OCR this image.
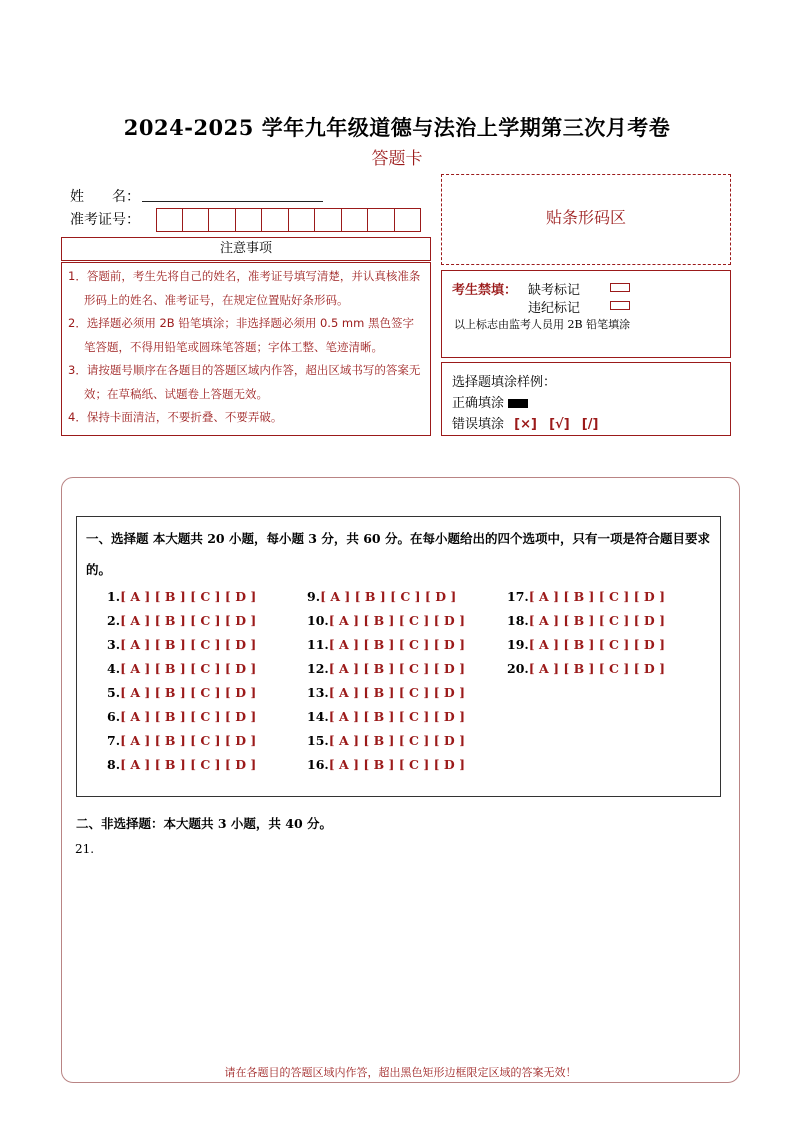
2024-2025 学年九年级道德与法治上学期第三次月考卷
答题卡
姓　　名：
准考证号：
注意事项

1．答题前，考生先将自己的姓名，准考证号填写清楚，并认真核准条形码上的姓名、准考证号，在规定位置贴好条形码。

2．选择题必须用 2B 铅笔填涂；非选择题必须用 0.5 mm 黑色签字笔答题，不得用铅笔或圆珠笔答题；字体工整、笔迹清晰。

3．请按题号顺序在各题目的答题区域内作答，超出区域书写的答案无效；在草稿纸、试题卷上答题无效。

4．保持卡面清洁，不要折叠、不要弄破。

贴条形码区
考生禁填： 缺考标记
违纪标记
以上标志由监考人员用 2B 铅笔填涂
选择题填涂样例：
正确填涂
错误填涂 [×] [√] [/]
一、选择题 本大题共 20 小题，每小题 3 分，共 60 分。在每小题给出的四个选项中，只有一项是符合题目要求的。
1.[ A ] [ B ] [ C ] [ D ]
2.[ A ] [ B ] [ C ] [ D ]
3.[ A ] [ B ] [ C ] [ D ]
4.[ A ] [ B ] [ C ] [ D ]
5.[ A ] [ B ] [ C ] [ D ]
6.[ A ] [ B ] [ C ] [ D ]
7.[ A ] [ B ] [ C ] [ D ]
8.[ A ] [ B ] [ C ] [ D ]
9.[ A ] [ B ] [ C ] [ D ]
10.[ A ] [ B ] [ C ] [ D ]
11.[ A ] [ B ] [ C ] [ D ]
12.[ A ] [ B ] [ C ] [ D ]
13.[ A ] [ B ] [ C ] [ D ]
14.[ A ] [ B ] [ C ] [ D ]
15.[ A ] [ B ] [ C ] [ D ]
16.[ A ] [ B ] [ C ] [ D ]
17.[ A ] [ B ] [ C ] [ D ]
18.[ A ] [ B ] [ C ] [ D ]
19.[ A ] [ B ] [ C ] [ D ]
20.[ A ] [ B ] [ C ] [ D ]
二、非选择题：本大题共 3 小题，共 40 分。
21.
请在各题目的答题区域内作答，超出黑色矩形边框限定区域的答案无效！
